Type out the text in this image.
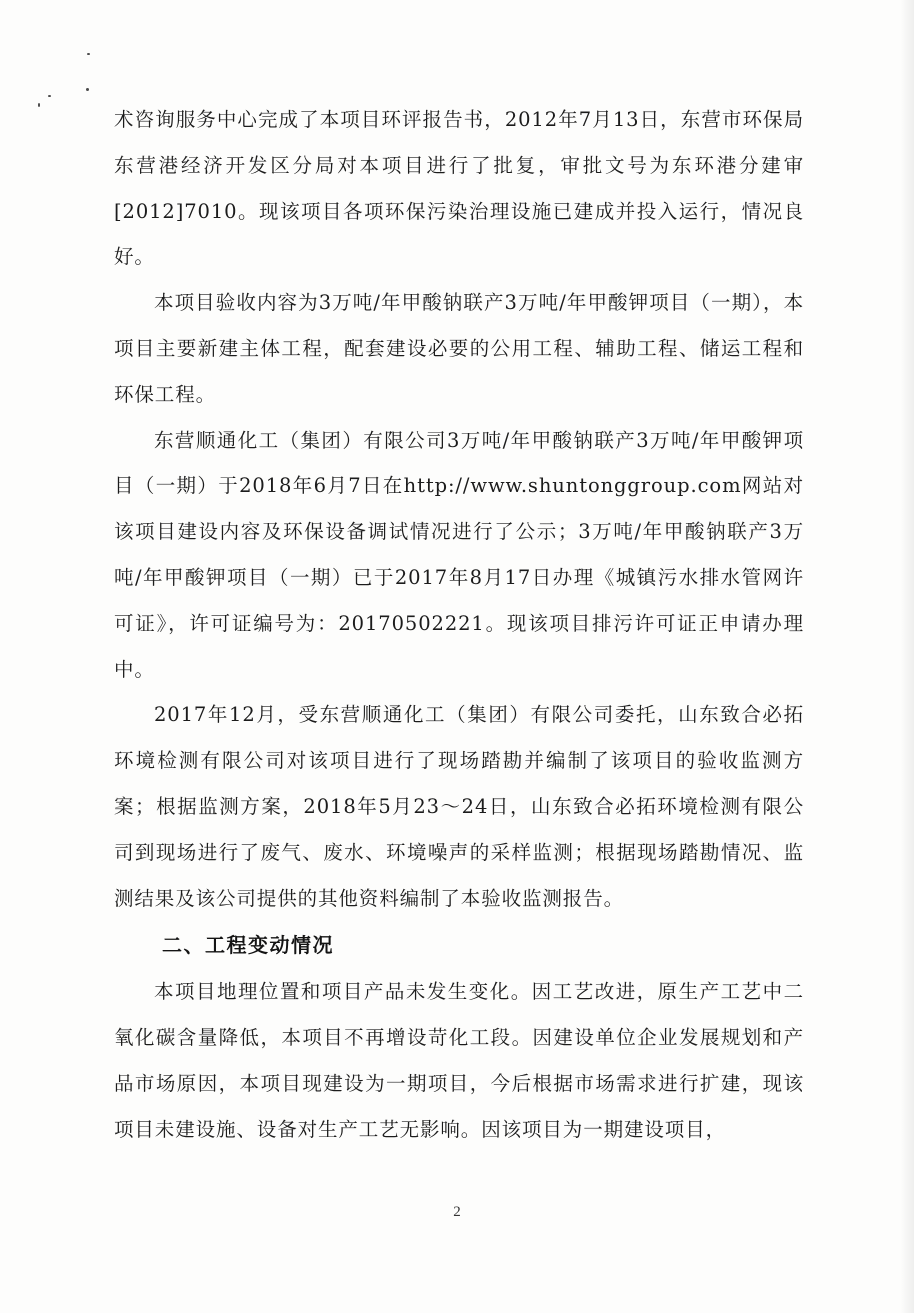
术咨询服务中心完成了本项目环评报告书，2012年7月13日，东营市环保局东营港经济开发区分局对本项目进行了批复，审批文号为东环港分建审[2012]7010。现该项目各项环保污染治理设施已建成并投入运行，情况良好。

本项目验收内容为3万吨/年甲酸钠联产3万吨/年甲酸钾项目（一期），本项目主要新建主体工程，配套建设必要的公用工程、辅助工程、储运工程和环保工程。

东营顺通化工（集团）有限公司3万吨/年甲酸钠联产3万吨/年甲酸钾项目（一期）于2018年6月7日在http://www.shuntonggroup.com网站对该项目建设内容及环保设备调试情况进行了公示；3万吨/年甲酸钠联产3万吨/年甲酸钾项目（一期）已于2017年8月17日办理《城镇污水排水管网许可证》，许可证编号为：20170502221。现该项目排污许可证正申请办理中。

2017年12月，受东营顺通化工（集团）有限公司委托，山东致合必拓环境检测有限公司对该项目进行了现场踏勘并编制了该项目的验收监测方案；根据监测方案，2018年5月23～24日，山东致合必拓环境检测有限公司到现场进行了废气、废水、环境噪声的采样监测；根据现场踏勘情况、监测结果及该公司提供的其他资料编制了本验收监测报告。

二、工程变动情况

本项目地理位置和项目产品未发生变化。因工艺改进，原生产工艺中二氧化碳含量降低，本项目不再增设苛化工段。因建设单位企业发展规划和产品市场原因，本项目现建设为一期项目，今后根据市场需求进行扩建，现该项目未建设施、设备对生产工艺无影响。因该项目为一期建设项目，

2
